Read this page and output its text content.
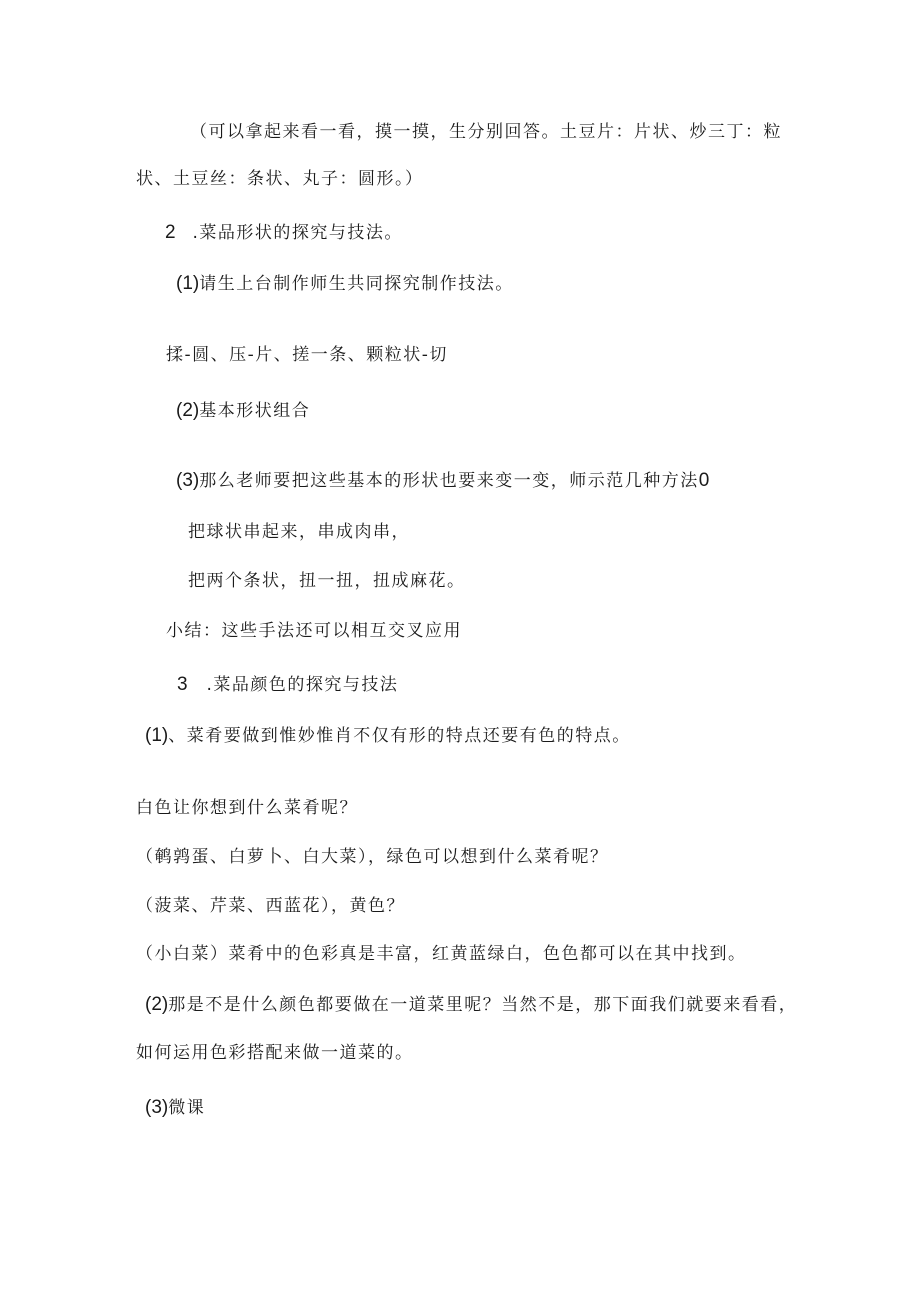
（可以拿起来看一看，摸一摸，生分别回答。土豆片：片状、炒三丁：粒
状、土豆丝：条状、丸子：圆形。）
2 .菜品形状的探究与技法。
(1)请生上台制作师生共同探究制作技法。
揉-圆、压-片、搓一条、颗粒状-切
(2)基本形状组合
(3)那么老师要把这些基本的形状也要来变一变，师示范几种方法0
把球状串起来，串成肉串，
把两个条状，扭一扭，扭成麻花。
小结：这些手法还可以相互交叉应用
3 .菜品颜色的探究与技法
(1)、菜肴要做到惟妙惟肖不仅有形的特点还要有色的特点。
白色让你想到什么菜肴呢？
（鹌鹑蛋、白萝卜、白大菜），绿色可以想到什么菜肴呢？
（菠菜、芹菜、西蓝花），黄色？
（小白菜）菜肴中的色彩真是丰富，红黄蓝绿白，色色都可以在其中找到。
(2)那是不是什么颜色都要做在一道菜里呢？当然不是，那下面我们就要来看看，
如何运用色彩搭配来做一道菜的。
(3)微课
